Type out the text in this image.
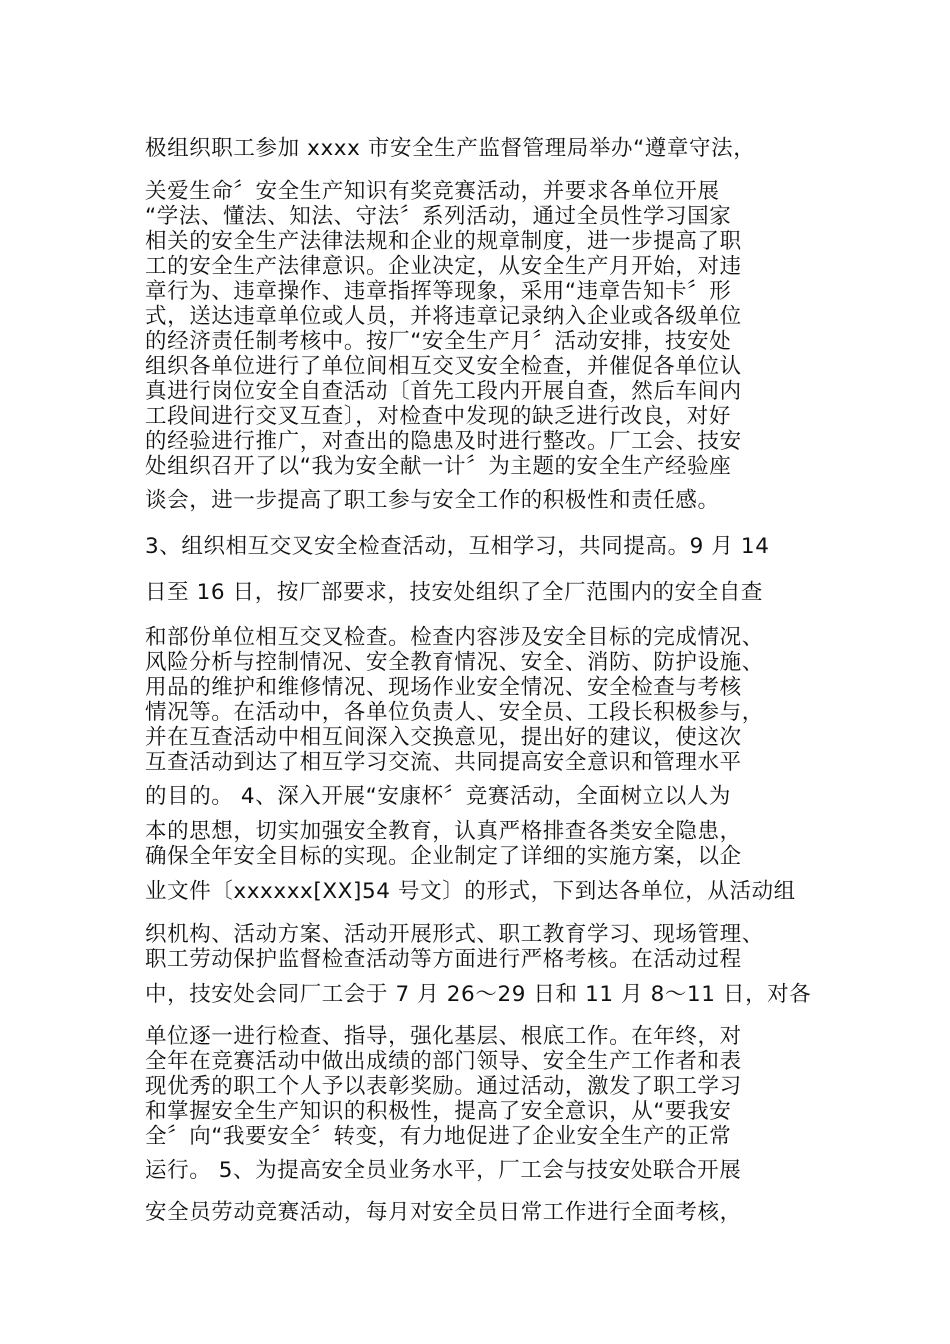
极组织职工参加 xxxx 市安全生产监督管理局举办“遵章守法，
关爱生命〞安全生产知识有奖竞赛活动，并要求各单位开展
“学法、懂法、知法、守法〞系列活动，通过全员性学习国家
相关的安全生产法律法规和企业的规章制度，进一步提高了职
工的安全生产法律意识。企业决定，从安全生产月开始，对违
章行为、违章操作、违章指挥等现象，采用“违章告知卡〞形
式，送达违章单位或人员，并将违章记录纳入企业或各级单位
的经济责任制考核中。按厂“安全生产月〞活动安排，技安处
组织各单位进行了单位间相互交叉安全检查，并催促各单位认
真进行岗位安全自查活动〔首先工段内开展自查，然后车间内
工段间进行交叉互查〕，对检查中发现的缺乏进行改良，对好
的经验进行推广，对查出的隐患及时进行整改。厂工会、技安
处组织召开了以“我为安全献一计〞为主题的安全生产经验座
谈会，进一步提高了职工参与安全工作的积极性和责任感。
3、组织相互交叉安全检查活动，互相学习，共同提高。9 月 14
日至 16 日，按厂部要求，技安处组织了全厂范围内的安全自查
和部份单位相互交叉检查。检查内容涉及安全目标的完成情况、
风险分析与控制情况、安全教育情况、安全、消防、防护设施、
用品的维护和维修情况、现场作业安全情况、安全检查与考核
情况等。在活动中，各单位负责人、安全员、工段长积极参与，
并在互查活动中相互间深入交换意见，提出好的建议，使这次
互查活动到达了相互学习交流、共同提高安全意识和管理水平
的目的。 4、深入开展“安康杯〞竞赛活动，全面树立以人为
本的思想，切实加强安全教育，认真严格排查各类安全隐患，
确保全年安全目标的实现。企业制定了详细的实施方案，以企
业文件〔xxxxxx[XX]54 号文〕的形式，下到达各单位，从活动组
织机构、活动方案、活动开展形式、职工教育学习、现场管理、
职工劳动保护监督检查活动等方面进行严格考核。在活动过程
中，技安处会同厂工会于 7 月 26～29 日和 11 月 8～11 日，对各
单位逐一进行检查、指导，强化基层、根底工作。在年终，对
全年在竞赛活动中做出成绩的部门领导、安全生产工作者和表
现优秀的职工个人予以表彰奖励。通过活动，激发了职工学习
和掌握安全生产知识的积极性，提高了安全意识，从“要我安
全〞向“我要安全〞转变，有力地促进了企业安全生产的正常
运行。 5、为提高安全员业务水平，厂工会与技安处联合开展
安全员劳动竞赛活动，每月对安全员日常工作进行全面考核，
